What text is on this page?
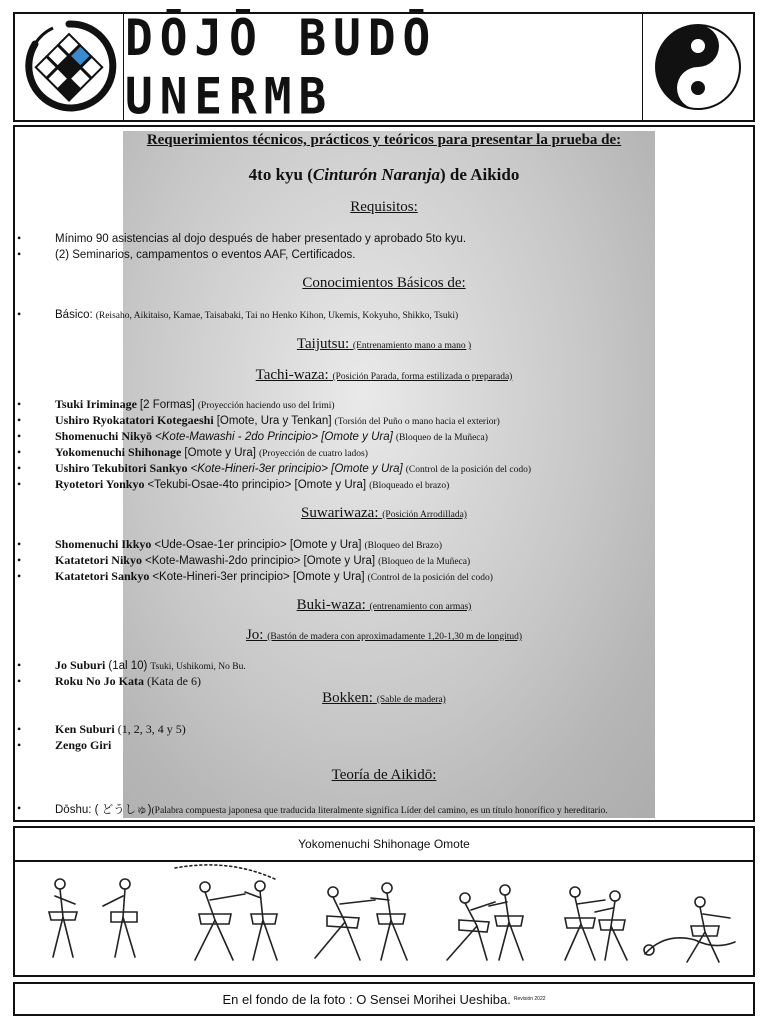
DŌJŌ BUDŌ UNERMB
Requerimientos técnicos, prácticos y teóricos para presentar la prueba de:
4to kyu (Cinturón Naranja) de Aikido
Requisitos:
•	Mínimo 90 asistencias al dojo después de haber presentado y aprobado 5to kyu.
•	(2) Seminarios, campamentos o eventos AAF, Certificados.
Conocimientos Básicos de:
•	Básico: (Reisaho, Aikitaiso, Kamae, Taisabaki, Tai no Henko Kihon, Ukemis, Kokyuho, Shikko, Tsuki)
Taijutsu: (Entrenamiento mano a mano )
Tachi-waza: (Posición Parada, forma estilizada o preparada)
•	Tsuki Iriminage [2 Formas] (Proyección haciendo uso del Irimi)
•	Ushiro Ryokatatori Kotegaeshi [Omote, Ura y Tenkan] (Torsión del Puño o mano hacia el exterior)
•	Shomenuchi Nikyō <Kote-Mawashi - 2do Principio> [Omote y Ura] (Bloqueo de la Muñeca)
•	Yokomenuchi Shihonage [Omote y Ura] (Proyección de cuatro lados)
•	Ushiro Tekubitori Sankyo <Kote-Hineri-3er principio> [Omote y Ura] (Control de la posición del codo)
•	Ryotetori Yonkyo <Tekubi-Osae-4to principio> [Omote y Ura] (Bloqueado el brazo)
Suwariwaza: (Posición Arrodillada)
•	Shomenuchi Ikkyo <Ude-Osae-1er principio> [Omote y Ura] (Bloqueo del Brazo)
•	Katatetori Nikyo <Kote-Mawashi-2do principio> [Omote y Ura] (Bloqueo de la Muñeca)
•	Katatetori Sankyo <Kote-Hineri-3er principio> [Omote y Ura] (Control de la posición del codo)
Buki-waza: (entrenamiento con armas)
Jo: (Bastón de madera con aproximadamente 1,20-1,30 m de longitud)
•	Jo Suburi (1al 10) Tsuki, Ushikomi, No Bu.
•	Roku No Jo Kata (Kata de 6)
Bokken: (Sable de madera)
•	Ken Suburi (1, 2, 3, 4 y 5)
•	Zengo Giri
Teoría de Aikidō:
•	Dōshu: ( どうしゅ)(Palabra compuesta japonesa que traducida literalmente significa Líder del camino, es un título honorífico y hereditario.
Yokomenuchi Shihonage Omote
En el fondo de la foto : O Sensei Morihei Ueshiba. Revisión 2022
